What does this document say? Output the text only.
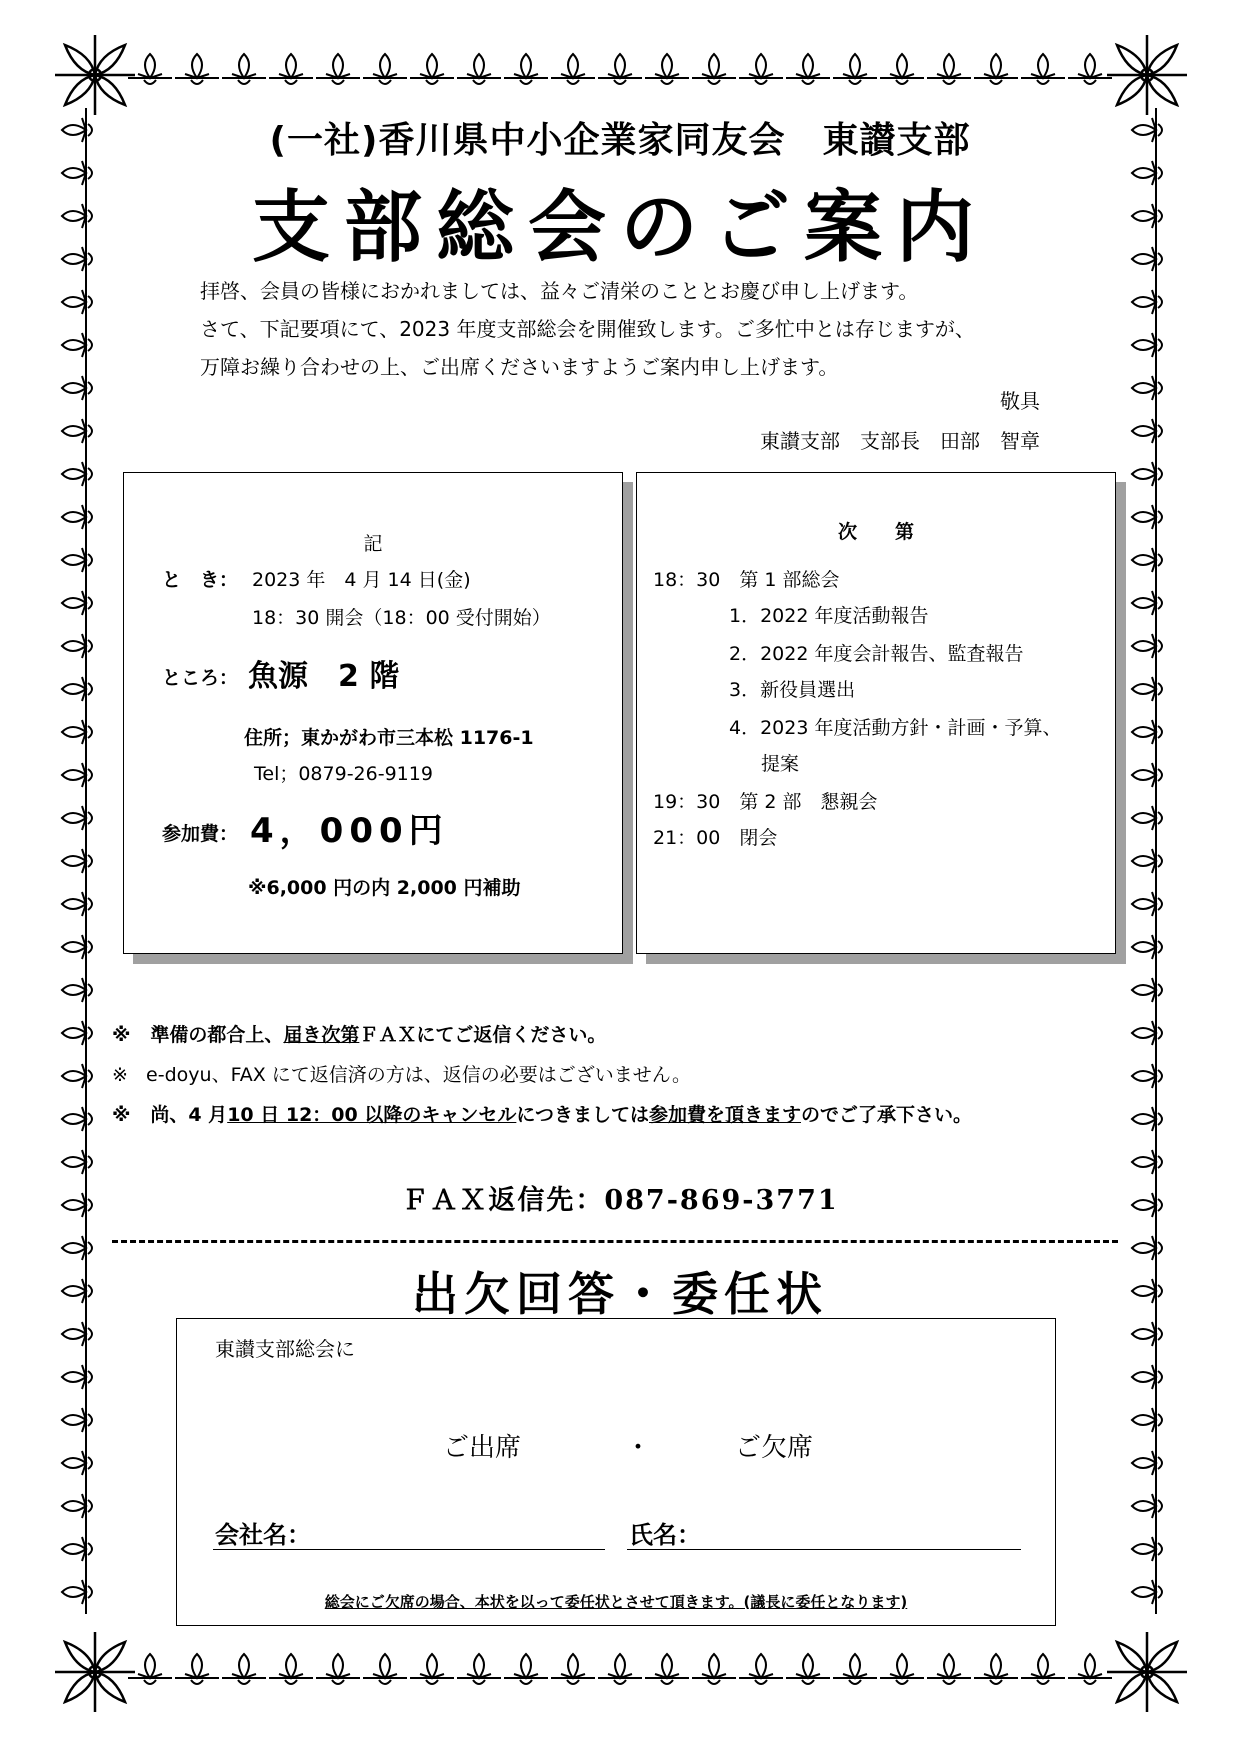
(一社)香川県中小企業家同友会　東讃支部
支部総会のご案内
拝啓、会員の皆様におかれましては、益々ご清栄のこととお慶び申し上げます。
さて、下記要項にて、2023 年度支部総会を開催致します。ご多忙中とは存じますが、
万障お繰り合わせの上、ご出席くださいますようご案内申し上げます。
敬具
東讃支部　支部長　田部　智章
記
と　き： 2023 年　4 月 14 日(金)
18：30 開会（18：00 受付開始）
ところ： 魚源　2 階
住所；東かがわ市三本松 1176-1
Tel；0879-26-9119
参加費： 4，000円
※6,000 円の内 2,000 円補助
次　　第
18：30　第 1 部総会
1．2022 年度活動報告
2．2022 年度会計報告、監査報告
3．新役員選出
4．2023 年度活動方針・計画・予算、
提案
19：30　第 2 部　懇親会
21：00　閉会
※ 準備の都合上、届き次第ＦＡＸにてご返信ください。
※ e-doyu、FAX にて返信済の方は、返信の必要はございません。
※ 尚、4 月10 日 12：00 以降のキャンセルにつきましては参加費を頂きますのでご了承下さい。
ＦＡＸ返信先：087-869-3771
出欠回答・委任状
東讃支部総会に
ご出席	・	ご欠席
会社名：	氏名：
総会にご欠席の場合、本状を以って委任状とさせて頂きます。(議長に委任となります)
